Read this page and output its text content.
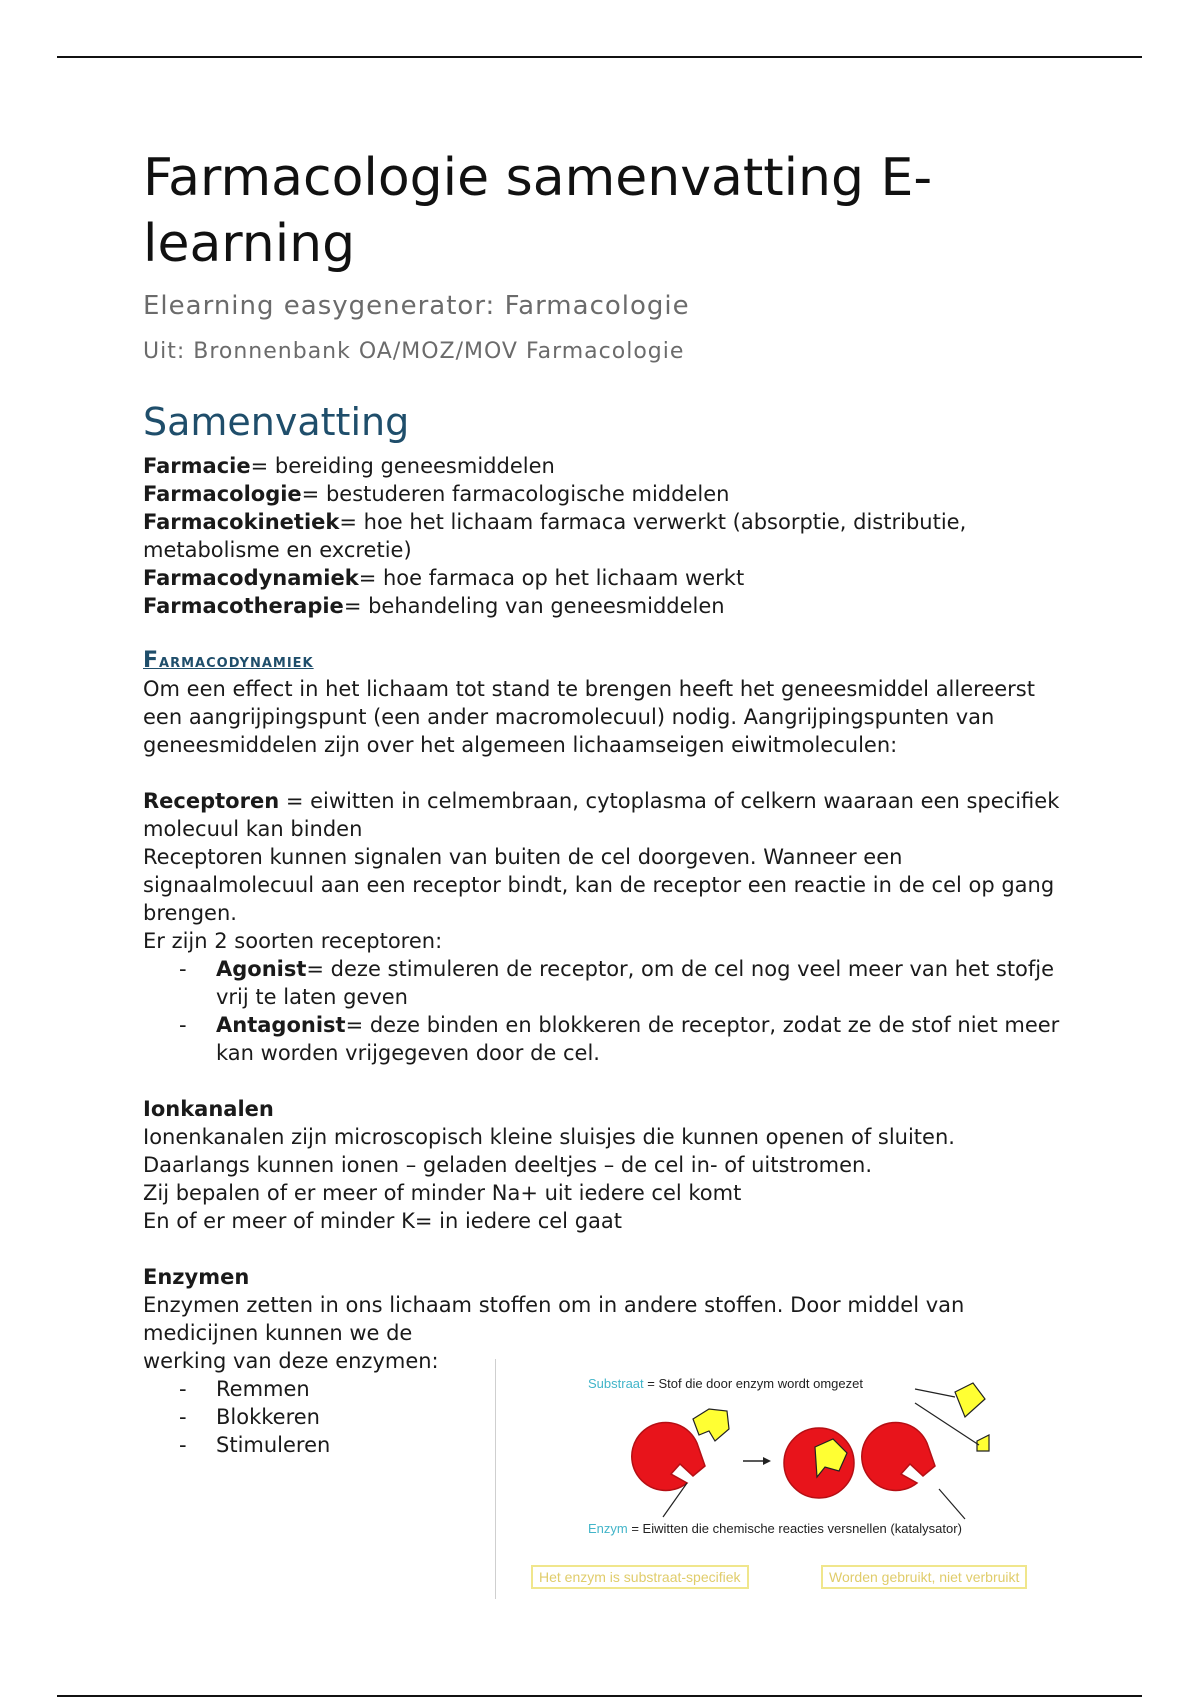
Farmacologie samenvatting E-learning
Elearning easygenerator: Farmacologie
Uit: Bronnenbank OA/MOZ/MOV Farmacologie
Samenvatting
Farmacie= bereiding geneesmiddelen
Farmacologie= bestuderen farmacologische middelen
Farmacokinetiek= hoe het lichaam farmaca verwerkt (absorptie, distributie, metabolisme en excretie)
Farmacodynamiek= hoe farmaca op het lichaam werkt
Farmacotherapie= behandeling van geneesmiddelen
Farmacodynamiek
Om een effect in het lichaam tot stand te brengen heeft het geneesmiddel allereerst een aangrijpingspunt (een ander macromolecuul) nodig. Aangrijpingspunten van geneesmiddelen zijn over het algemeen lichaamseigen eiwitmoleculen:
Receptoren = eiwitten in celmembraan, cytoplasma of celkern waaraan een specifiek molecuul kan binden
Receptoren kunnen signalen van buiten de cel doorgeven. Wanneer een signaalmolecuul aan een receptor bindt, kan de receptor een reactie in de cel op gang brengen.
Er zijn 2 soorten receptoren:
- Agonist= deze stimuleren de receptor, om de cel nog veel meer van het stofje vrij te laten geven
- Antagonist= deze binden en blokkeren de receptor, zodat ze de stof niet meer kan worden vrijgegeven door de cel.
Ionkanalen
Ionenkanalen zijn microscopisch kleine sluisjes die kunnen openen of sluiten.
Daarlangs kunnen ionen – geladen deeltjes – de cel in- of uitstromen.
Zij bepalen of er meer of minder Na+ uit iedere cel komt
En of er meer of minder K= in iedere cel gaat
Enzymen
Enzymen zetten in ons lichaam stoffen om in andere stoffen. Door middel van
medicijnen kunnen we de
werking van deze enzymen:
- Remmen
- Blokkeren
- Stimuleren
Substraat = Stof die door enzym wordt omgezet
Enzym = Eiwitten die chemische reacties versnellen (katalysator)
Het enzym is substraat-specifiek	Worden gebruikt, niet verbruikt
